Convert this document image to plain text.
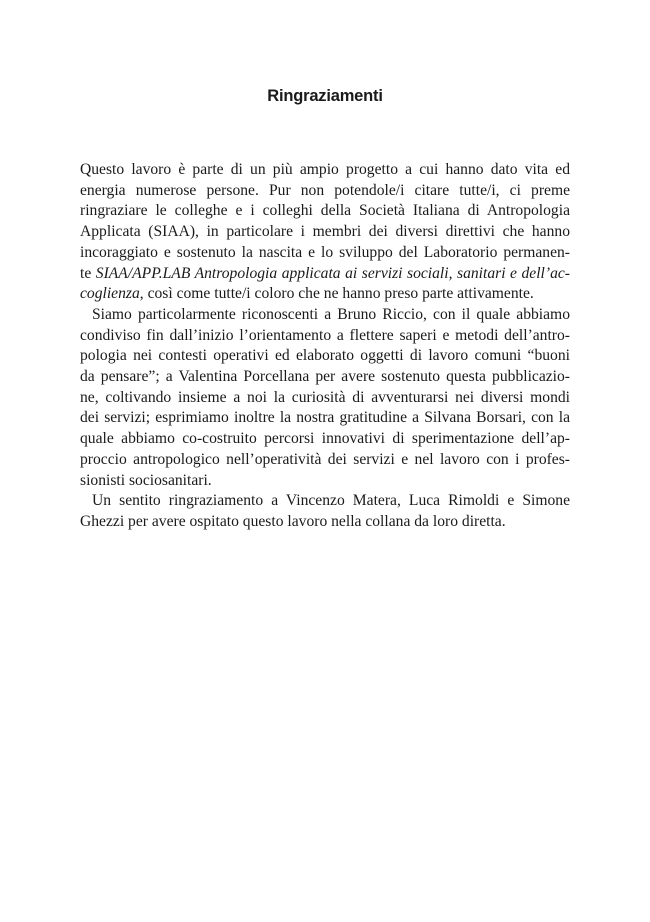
Ringraziamenti
Questo lavoro è parte di un più ampio progetto a cui hanno dato vita ed
energia numerose persone. Pur non potendole/i citare tutte/i, ci preme
ringraziare le colleghe e i colleghi della Società Italiana di Antropologia
Applicata (SIAA), in particolare i membri dei diversi direttivi che hanno
incoraggiato e sostenuto la nascita e lo sviluppo del Laboratorio permanen-
te SIAA/APP.LAB Antropologia applicata ai servizi sociali, sanitari e dell’ac-
coglienza, così come tutte/i coloro che ne hanno preso parte attivamente.
Siamo particolarmente riconoscenti a Bruno Riccio, con il quale abbiamo
condiviso fin dall’inizio l’orientamento a flettere saperi e metodi dell’antro-
pologia nei contesti operativi ed elaborato oggetti di lavoro comuni “buoni
da pensare”; a Valentina Porcellana per avere sostenuto questa pubblicazio-
ne, coltivando insieme a noi la curiosità di avventurarsi nei diversi mondi
dei servizi; esprimiamo inoltre la nostra gratitudine a Silvana Borsari, con la
quale abbiamo co-costruito percorsi innovativi di sperimentazione dell’ap-
proccio antropologico nell’operatività dei servizi e nel lavoro con i profes-
sionisti sociosanitari.
Un sentito ringraziamento a Vincenzo Matera, Luca Rimoldi e Simone
Ghezzi per avere ospitato questo lavoro nella collana da loro diretta.
